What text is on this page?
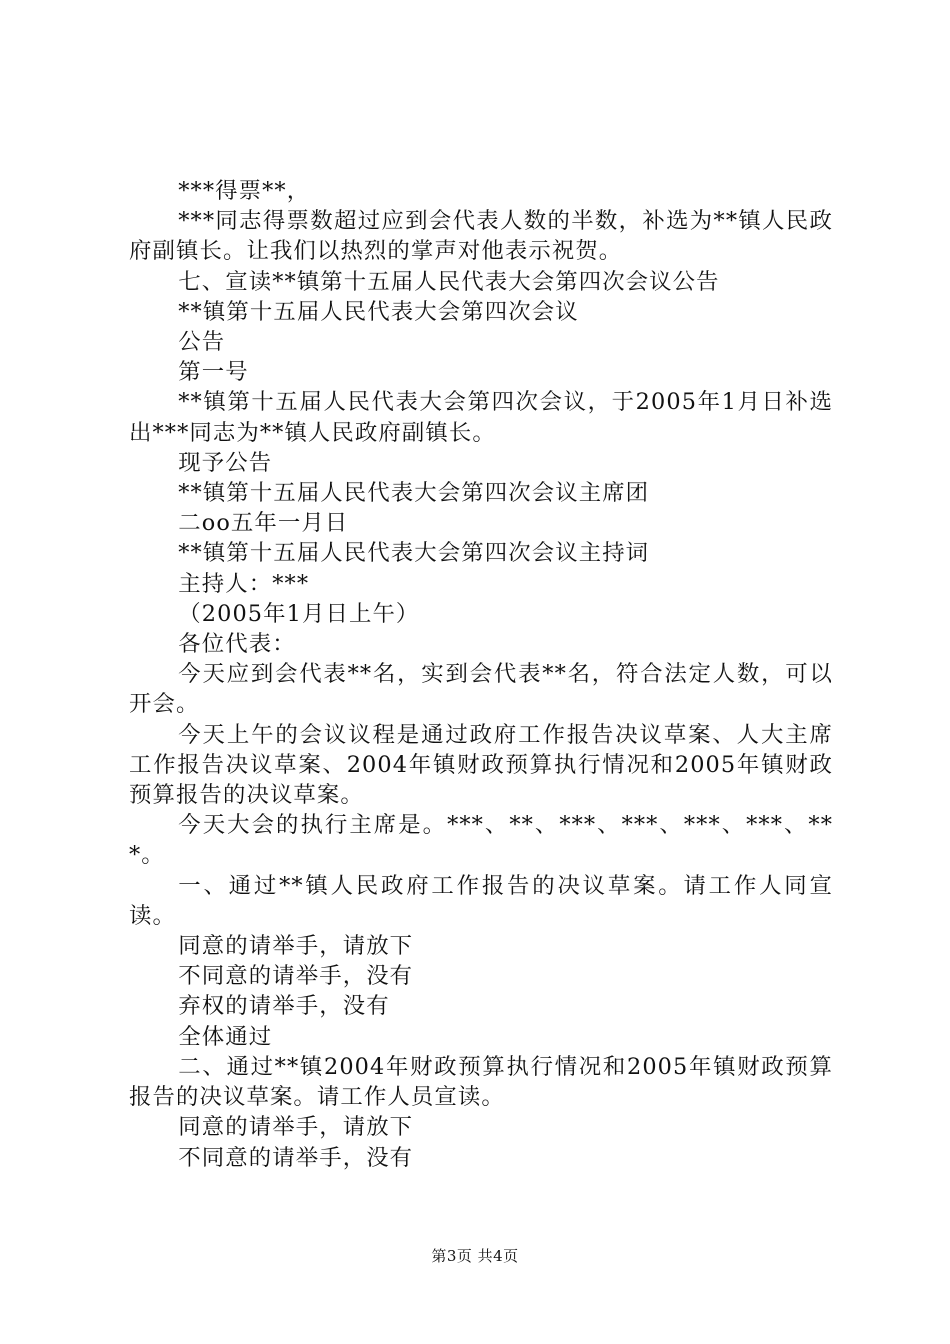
***得票**，

***同志得票数超过应到会代表人数的半数，补选为**镇人民政府副镇长。让我们以热烈的掌声对他表示祝贺。

七、宣读**镇第十五届人民代表大会第四次会议公告

**镇第十五届人民代表大会第四次会议

公告

第一号

**镇第十五届人民代表大会第四次会议，于2005年1月日补选出***同志为**镇人民政府副镇长。

现予公告

**镇第十五届人民代表大会第四次会议主席团

二oo五年一月日

**镇第十五届人民代表大会第四次会议主持词

主持人：***

（2005年1月日上午）

各位代表：

今天应到会代表**名，实到会代表**名，符合法定人数，可以开会。

今天上午的会议议程是通过政府工作报告决议草案、人大主席工作报告决议草案、2004年镇财政预算执行情况和2005年镇财政预算报告的决议草案。

今天大会的执行主席是。***、**、***、***、***、***、***。

一、通过**镇人民政府工作报告的决议草案。请工作人同宣读。

同意的请举手，请放下

不同意的请举手，没有

弃权的请举手，没有

全体通过

二、通过**镇2004年财政预算执行情况和2005年镇财政预算报告的决议草案。请工作人员宣读。

同意的请举手，请放下

不同意的请举手，没有

第3页 共4页
